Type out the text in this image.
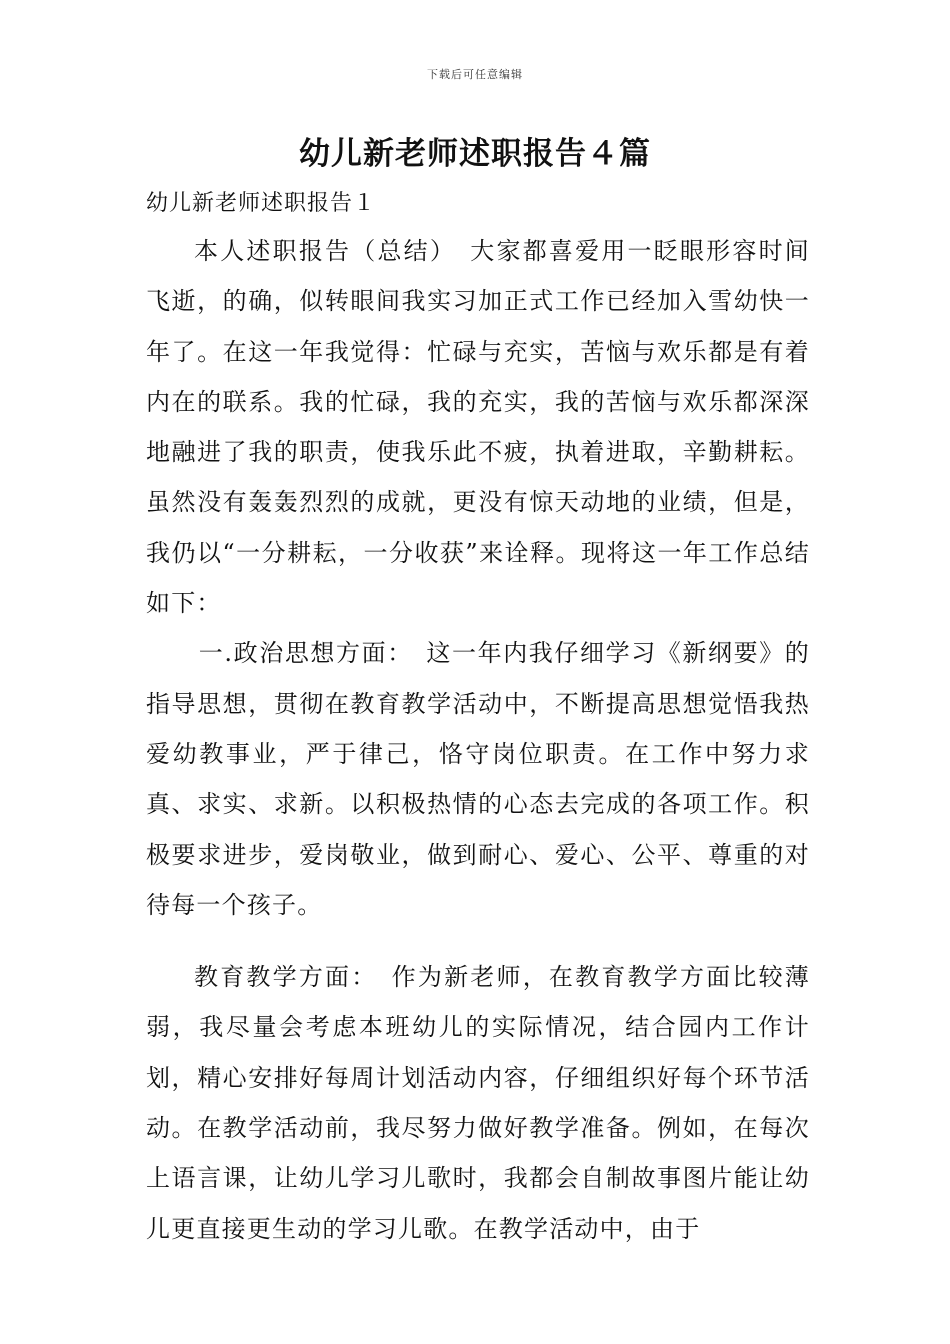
下载后可任意编辑
幼儿新老师述职报告４篇
幼儿新老师述职报告１

本人述职报告（总结）　大家都喜爱用一眨眼形容时间飞逝，的确，似转眼间我实习加正式工作已经加入雪幼快一年了。在这一年我觉得：忙碌与充实，苦恼与欢乐都是有着内在的联系。我的忙碌，我的充实，我的苦恼与欢乐都深深地融进了我的职责，使我乐此不疲，执着进取，辛勤耕耘。虽然没有轰轰烈烈的成就，更没有惊天动地的业绩，但是，我仍以“一分耕耘，一分收获”来诠释。现将这一年工作总结如下：

一.政治思想方面：　这一年内我仔细学习《新纲要》的指导思想，贯彻在教育教学活动中，不断提高思想觉悟我热爱幼教事业，严于律己，恪守岗位职责。在工作中努力求真、求实、求新。以积极热情的心态去完成的各项工作。积极要求进步，爱岗敬业，做到耐心、爱心、公平、尊重的对待每一个孩子。

教育教学方面：　作为新老师，在教育教学方面比较薄弱，我尽量会考虑本班幼儿的实际情况，结合园内工作计划，精心安排好每周计划活动内容，仔细组织好每个环节活动。在教学活动前，我尽努力做好教学准备。例如，在每次上语言课，让幼儿学习儿歌时，我都会自制故事图片能让幼儿更直接更生动的学习儿歌。在教学活动中，由于
